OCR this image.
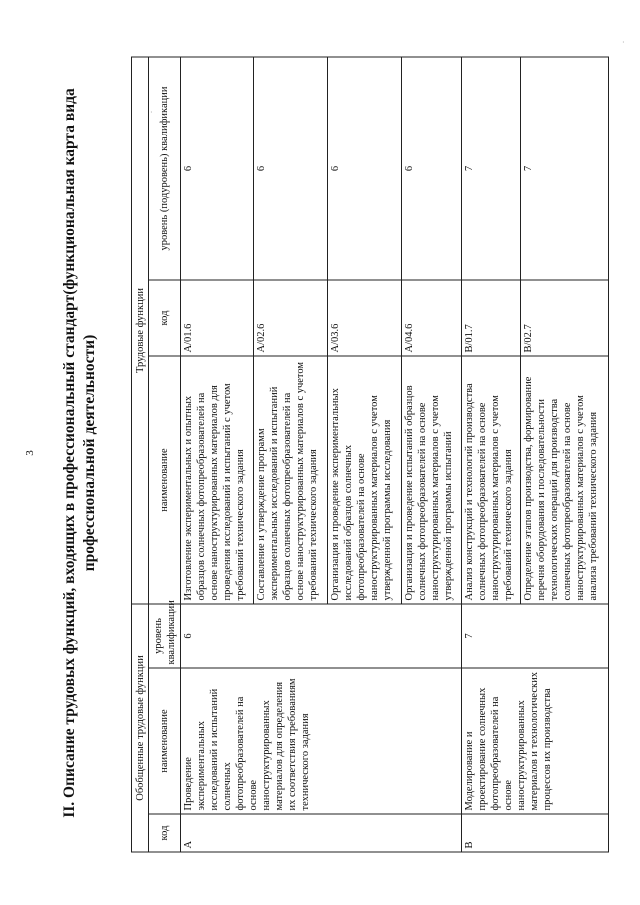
·
·
3 II. Описание трудовых функций, входящих в профессиональный стандарт(функциональная карта вида профессиональной деятельности)
Обобщенные трудовые функции			Трудовые функции		
код	наименование	уровень квалификации	наименование	код	уровень (подуровень) квалификации
A	Проведение экспериментальных исследований и испытаний солнечных фотопреобразователей на основе наноструктурированных материалов для определения их соответствия требованиям технического задания	6	Изготовление экспериментальных и опытных образцов солнечных фотопреобразователей на основе наноструктурированных материалов для проведения исследований и испытаний с учетом требований технического задания	A/01.6	6
			Составление и утверждение программ экспериментальных исследований и испытаний образцов солнечных фотопреобразователей на основе наноструктурированных материалов с учетом требований технического задания	A/02.6	6
			Организация и проведение экспериментальных исследований образцов солнечных фотопреобразователей на основе наноструктурированных материалов с учетом утвержденной программы исследования	A/03.6	6
			Организация и проведение испытаний образцов солнечных фотопреобразователей на основе наноструктурированных материалов с учетом утвержденной программы испытаний	A/04.6	6
B	Моделирование и проектирование солнечных фотопреобразователей на основе наноструктурированных материалов и технологических процессов их производства	7	Анализ конструкций и технологий производства солнечных фотопреобразователей на основе наноструктурированных материалов с учетом требований технического задания	B/01.7	7
			Определение этапов производства, формирование перечня оборудования и последовательности технологических операций для производства солнечных фотопреобразователей на основе наноструктурированных материалов с учетом анализа требований технического задания	B/02.7	7
